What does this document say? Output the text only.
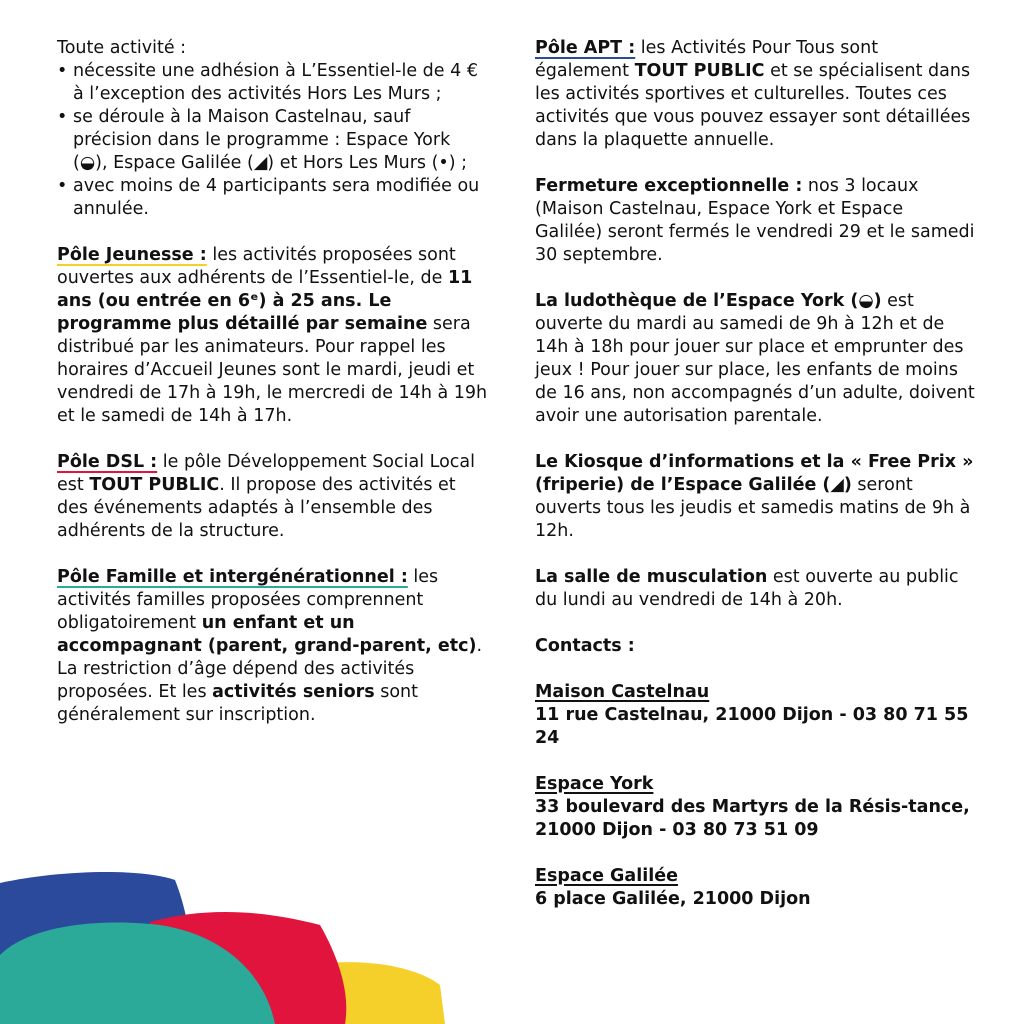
Toute activité :

• nécessite une adhésion à L’Essentiel-le de 4 € à l’exception des activités Hors Les Murs ;
• se déroule à la Maison Castelnau, sauf précision dans le programme : Espace York (◒), Espace Galilée (◢) et Hors Les Murs (•) ;
• avec moins de 4 participants sera modifiée ou annulée.

Pôle Jeunesse : les activités proposées sont ouvertes aux adhérents de l’Essentiel-le, de 11 ans (ou entrée en 6ᵉ) à 25 ans. Le programme plus détaillé par semaine sera distribué par les animateurs. Pour rappel les horaires d’Accueil Jeunes sont le mardi, jeudi et vendredi de 17h à 19h, le mercredi de 14h à 19h et le samedi de 14h à 17h.

Pôle DSL : le pôle Développement Social Local est TOUT PUBLIC. Il propose des activités et des événements adaptés à l’ensemble des adhérents de la structure.

Pôle Famille et intergénérationnel : les activités familles proposées comprennent obligatoirement un enfant et un accompagnant (parent, grand-parent, etc). La restriction d’âge dépend des activités proposées. Et les activités seniors sont généralement sur inscription.

Pôle APT : les Activités Pour Tous sont également TOUT PUBLIC et se spécialisent dans les activités sportives et culturelles. Toutes ces activités que vous pouvez essayer sont détaillées dans la plaquette annuelle.

Fermeture exceptionnelle : nos 3 locaux (Maison Castelnau, Espace York et Espace Galilée) seront fermés le vendredi 29 et le samedi 30 septembre.

La ludothèque de l’Espace York (◒) est ouverte du mardi au samedi de 9h à 12h et de 14h à 18h pour jouer sur place et emprunter des jeux ! Pour jouer sur place, les enfants de moins de 16 ans, non accompagnés d’un adulte, doivent avoir une autorisation parentale.

Le Kiosque d’informations et la « Free Prix » (friperie) de l’Espace Galilée (◢) seront ouverts tous les jeudis et samedis matins de 9h à 12h.

La salle de musculation est ouverte au public du lundi au vendredi de 14h à 20h.

Contacts :

Maison Castelnau

11 rue Castelnau, 21000 Dijon - 03 80 71 55 24

Espace York

33 boulevard des Martyrs de la Résis-tance, 21000 Dijon - 03 80 73 51 09

Espace Galilée

6 place Galilée, 21000 Dijon
